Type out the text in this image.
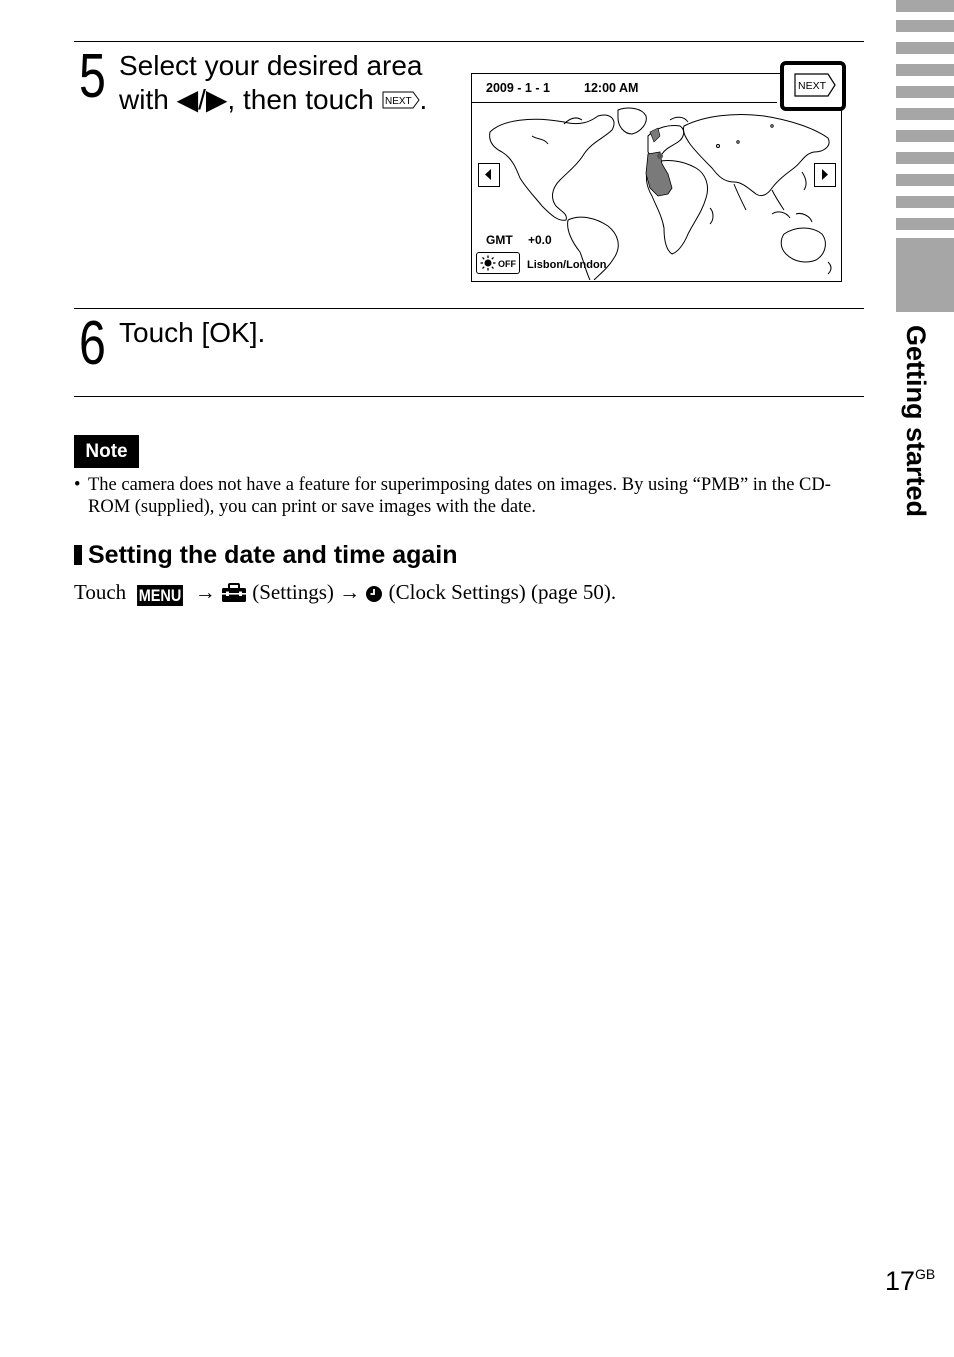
Getting started
5 Select your desired area
with ◀/▶, then touch NEXT .	2009 - 1 - 1	12:00 AM
GMT +0.0
OFF Lisbon/London
NEXT
6 Touch [OK].
Note
• The camera does not have a feature for superimposing dates on images. By using “PMB” in the CD-ROM (supplied), you can print or save images with the date.
Setting the date and time again
Touch MENU → (Settings) → (Clock Settings) (page 50).
$17^{GB}$
